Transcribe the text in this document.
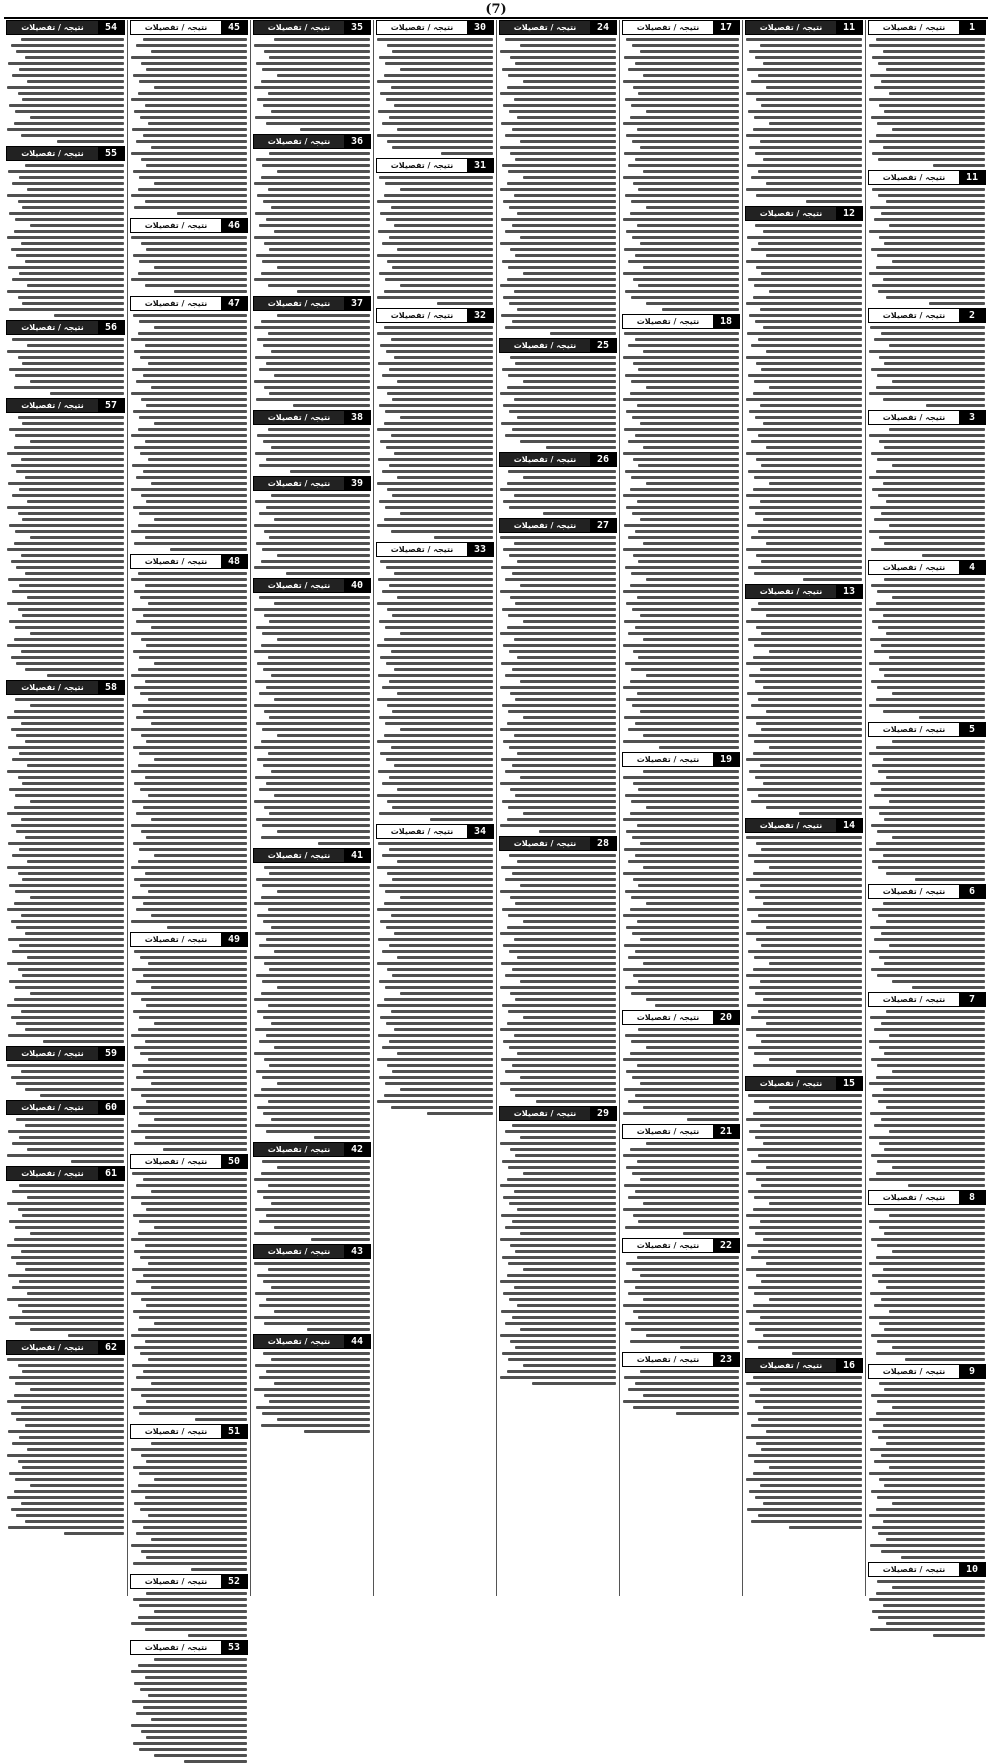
(7)
1
نتیجہ / تفصیلات
11
نتیجہ / تفصیلات
2
نتیجہ / تفصیلات
3
نتیجہ / تفصیلات
4
نتیجہ / تفصیلات
5
نتیجہ / تفصیلات
6
نتیجہ / تفصیلات
7
نتیجہ / تفصیلات
8
نتیجہ / تفصیلات
9
نتیجہ / تفصیلات
10
نتیجہ / تفصیلات
11
نتیجہ / تفصیلات
12
نتیجہ / تفصیلات
13
نتیجہ / تفصیلات
14
نتیجہ / تفصیلات
15
نتیجہ / تفصیلات
16
نتیجہ / تفصیلات
17
نتیجہ / تفصیلات
18
نتیجہ / تفصیلات
19
نتیجہ / تفصیلات
20
نتیجہ / تفصیلات
21
نتیجہ / تفصیلات
22
نتیجہ / تفصیلات
23
نتیجہ / تفصیلات
24
نتیجہ / تفصیلات
25
نتیجہ / تفصیلات
26
نتیجہ / تفصیلات
27
نتیجہ / تفصیلات
28
نتیجہ / تفصیلات
29
نتیجہ / تفصیلات
30
نتیجہ / تفصیلات
31
نتیجہ / تفصیلات
32
نتیجہ / تفصیلات
33
نتیجہ / تفصیلات
34
نتیجہ / تفصیلات
35
نتیجہ / تفصیلات
36
نتیجہ / تفصیلات
37
نتیجہ / تفصیلات
38
نتیجہ / تفصیلات
39
نتیجہ / تفصیلات
40
نتیجہ / تفصیلات
41
نتیجہ / تفصیلات
42
نتیجہ / تفصیلات
43
نتیجہ / تفصیلات
44
نتیجہ / تفصیلات
45
نتیجہ / تفصیلات
46
نتیجہ / تفصیلات
47
نتیجہ / تفصیلات
48
نتیجہ / تفصیلات
49
نتیجہ / تفصیلات
50
نتیجہ / تفصیلات
51
نتیجہ / تفصیلات
52
نتیجہ / تفصیلات
53
نتیجہ / تفصیلات
54
نتیجہ / تفصیلات
55
نتیجہ / تفصیلات
56
نتیجہ / تفصیلات
57
نتیجہ / تفصیلات
58
نتیجہ / تفصیلات
59
نتیجہ / تفصیلات
60
نتیجہ / تفصیلات
61
نتیجہ / تفصیلات
62
نتیجہ / تفصیلات
